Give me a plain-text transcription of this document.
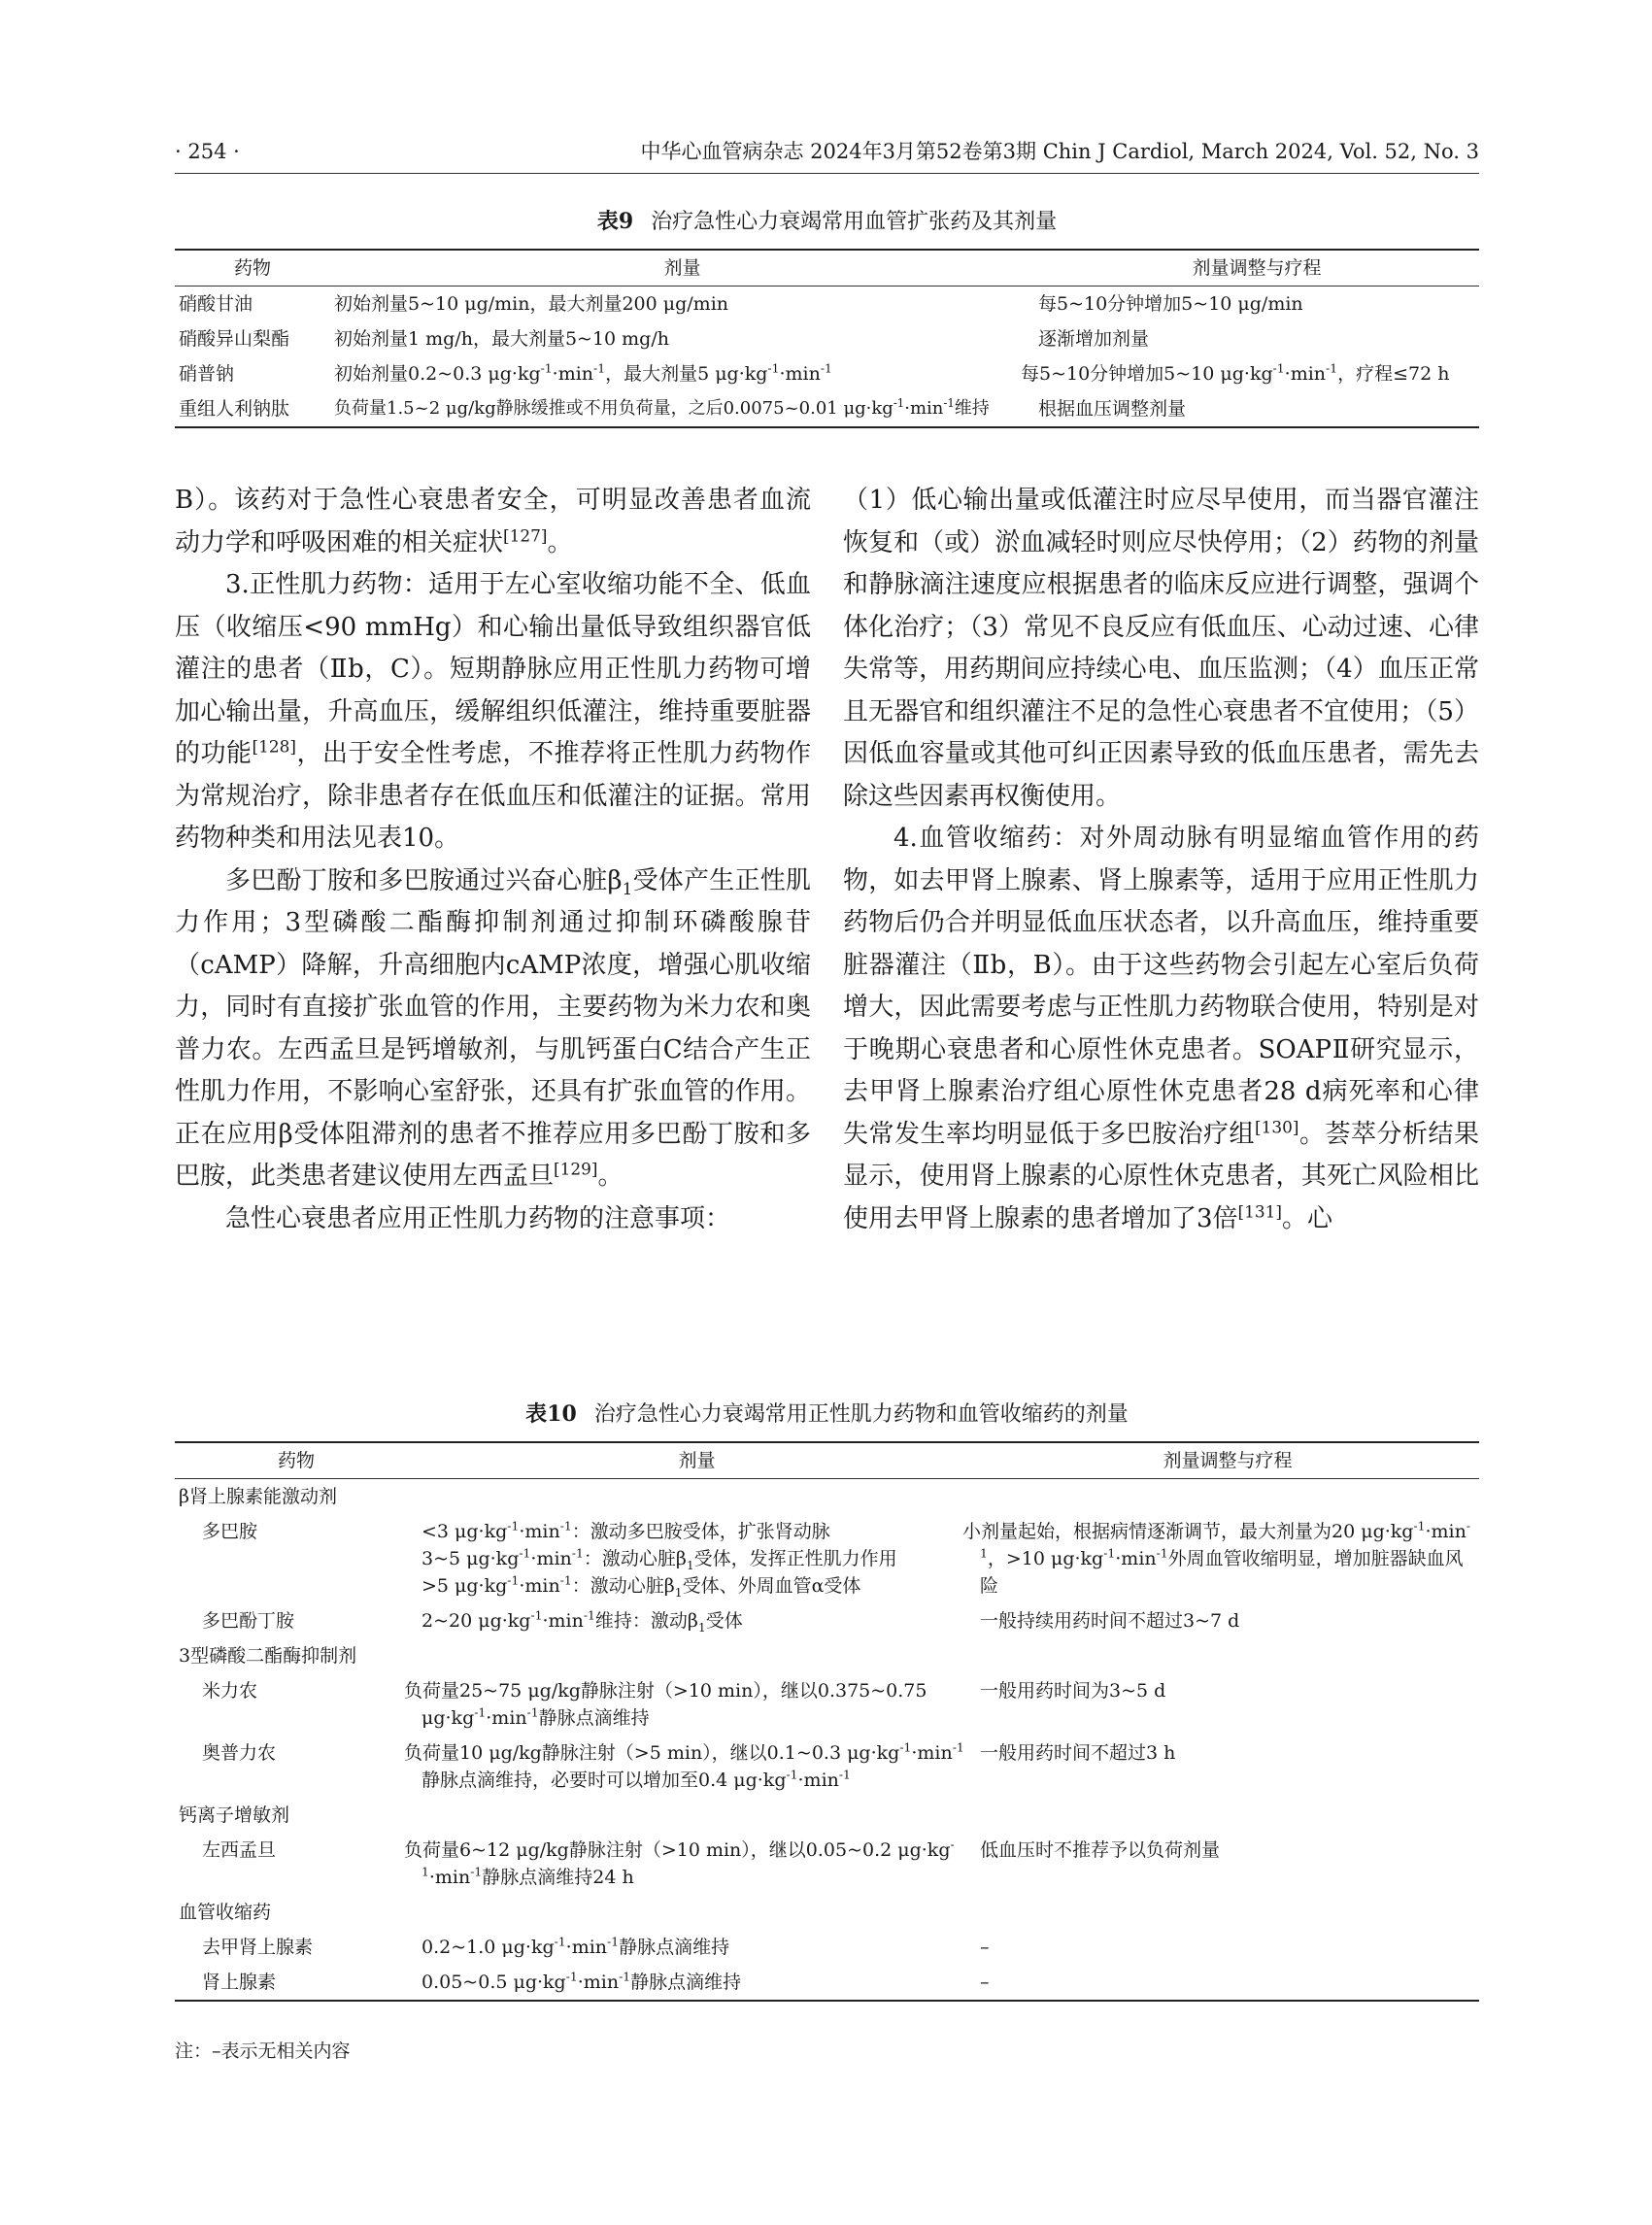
· 254 ·	中华心血管病杂志 2024年3月第52卷第3期 Chin J Cardiol, March 2024, Vol. 52, No. 3
表9 治疗急性心力衰竭常用血管扩张药及其剂量
药物	剂量	剂量调整与疗程
硝酸甘油	初始剂量5~10 μg/min，最大剂量200 μg/min	每5~10分钟增加5~10 μg/min
硝酸异山梨酯	初始剂量1 mg/h，最大剂量5~10 mg/h	逐渐增加剂量
硝普钠	初始剂量0.2~0.3 $\mu g\cdot kg^{-1}\cdot\min^{-1}$，最大剂量5 $\mu g\cdot kg^{-1}\cdot\min^{-1}$	每5~10分钟增加5~10 $\mu g\cdot kg^{-1}\cdot\min^{-1}$，疗程≤72 h
重组人利钠肽	负荷量1.5~2 μg/kg静脉缓推或不用负荷量，之后0.0075~0.01 $\mu g\cdot kg^{-1}\cdot\min^{-1}$维持	根据血压调整剂量

B）。该药对于急性心衰患者安全，可明显改善患者血流动力学和呼吸困难的相关症状[127]。

3.正性肌力药物：适用于左心室收缩功能不全、低血压（收缩压<90 mmHg）和心输出量低导致组织器官低灌注的患者（Ⅱb，C）。短期静脉应用正性肌力药物可增加心输出量，升高血压，缓解组织低灌注，维持重要脏器的功能[128]，出于安全性考虑，不推荐将正性肌力药物作为常规治疗，除非患者存在低血压和低灌注的证据。常用药物种类和用法见表10。

多巴酚丁胺和多巴胺通过兴奋心脏$\beta_1$受体产生正性肌力作用；3型磷酸二酯酶抑制剂通过抑制环磷酸腺苷（cAMP）降解，升高细胞内cAMP浓度，增强心肌收缩力，同时有直接扩张血管的作用，主要药物为米力农和奥普力农。左西孟旦是钙增敏剂，与肌钙蛋白C结合产生正性肌力作用，不影响心室舒张，还具有扩张血管的作用。正在应用β受体阻滞剂的患者不推荐应用多巴酚丁胺和多巴胺，此类患者建议使用左西孟旦[129]。

急性心衰患者应用正性肌力药物的注意事项：

（1）低心输出量或低灌注时应尽早使用，而当器官灌注恢复和（或）淤血减轻时则应尽快停用；（2）药物的剂量和静脉滴注速度应根据患者的临床反应进行调整，强调个体化治疗；（3）常见不良反应有低血压、心动过速、心律失常等，用药期间应持续心电、血压监测；（4）血压正常且无器官和组织灌注不足的急性心衰患者不宜使用；（5）因低血容量或其他可纠正因素导致的低血压患者，需先去除这些因素再权衡使用。

4.血管收缩药：对外周动脉有明显缩血管作用的药物，如去甲肾上腺素、肾上腺素等，适用于应用正性肌力药物后仍合并明显低血压状态者，以升高血压，维持重要脏器灌注（Ⅱb，B）。由于这些药物会引起左心室后负荷增大，因此需要考虑与正性肌力药物联合使用，特别是对于晚期心衰患者和心原性休克患者。SOAPⅡ研究显示，去甲肾上腺素治疗组心原性休克患者28 d病死率和心律失常发生率均明显低于多巴胺治疗组[130]。荟萃分析结果显示，使用肾上腺素的心原性休克患者，其死亡风险相比使用去甲肾上腺素的患者增加了3倍[131]。心

表10 治疗急性心力衰竭常用正性肌力药物和血管收缩药的剂量
药物	剂量	剂量调整与疗程
β肾上腺素能激动剂		
多巴胺	<3 $\mu g\cdot kg^{-1}\cdot\min^{-1}$：激动多巴胺受体，扩张肾动脉
3~5 $\mu g\cdot kg^{-1}\cdot\min^{-1}$：激动心脏$\beta_1$受体，发挥正性肌力作用
>5 $\mu g\cdot kg^{-1}\cdot\min^{-1}$：激动心脏$\beta_1$受体、外周血管α受体	小剂量起始，根据病情逐渐调节，最大剂量为20 $\mu g\cdot kg^{-1}\cdot\min^{-1}$，>10 $\mu g\cdot kg^{-1}\cdot\min^{-1}$外周血管收缩明显，增加脏器缺血风险
多巴酚丁胺	2~20 $\mu g\cdot kg^{-1}\cdot\min^{-1}$维持：激动$\beta_1$受体	一般持续用药时间不超过3~7 d
3型磷酸二酯酶抑制剂		
米力农	负荷量25~75 μg/kg静脉注射（>10 min），继以0.375~0.75 $\mu g\cdot kg^{-1}\cdot\min^{-1}$静脉点滴维持	一般用药时间为3~5 d
奥普力农	负荷量10 μg/kg静脉注射（>5 min），继以0.1~0.3 $\mu g\cdot kg^{-1}\cdot\min^{-1}$静脉点滴维持，必要时可以增加至0.4 $\mu g\cdot kg^{-1}\cdot\min^{-1}$	一般用药时间不超过3 h
钙离子增敏剂		
左西孟旦	负荷量6~12 μg/kg静脉注射（>10 min），继以0.05~0.2 $\mu g\cdot kg^{-1}\cdot\min^{-1}$静脉点滴维持24 h	低血压时不推荐予以负荷剂量
血管收缩药		
去甲肾上腺素	0.2~1.0 $\mu g\cdot kg^{-1}\cdot\min^{-1}$静脉点滴维持	–
肾上腺素	0.05~0.5 $\mu g\cdot kg^{-1}\cdot\min^{-1}$静脉点滴维持	–
注：–表示无相关内容
